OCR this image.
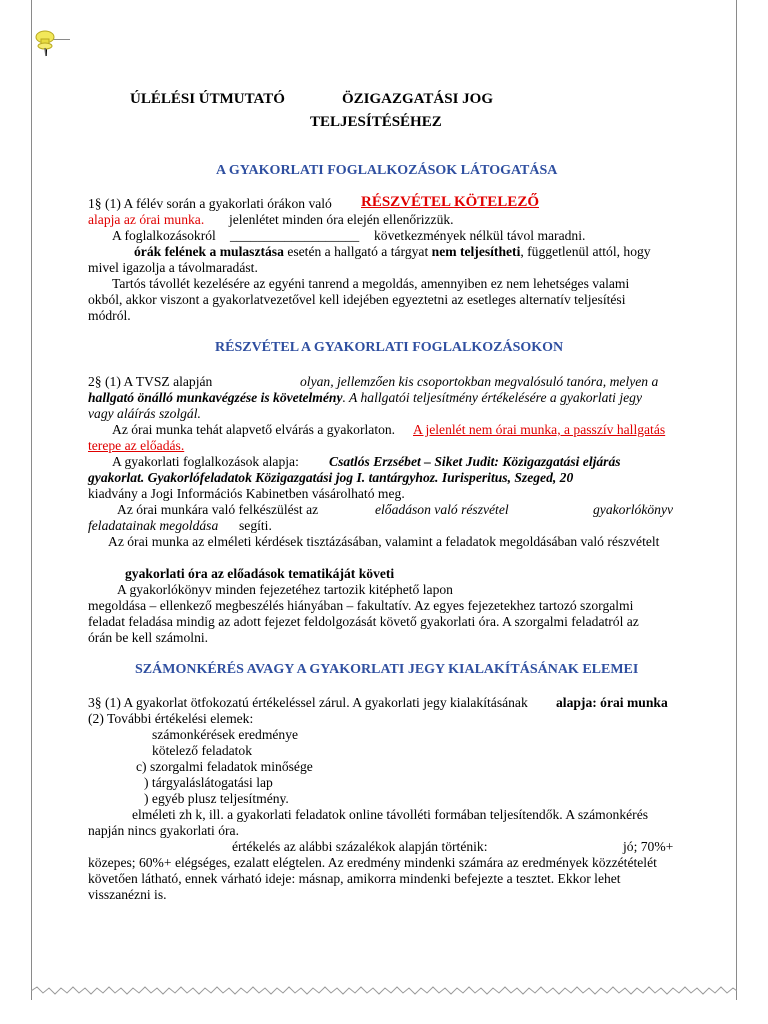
ÚLÉLÉSI ÚTMUTATÓ	ÖZIGAZGATÁSI JOG
TELJESÍTÉSÉHEZ
A GYAKORLATI FOGLALKOZÁSOK LÁTOGATÁSA
1§ (1) A félév során a gyakorlati órákon való RÉSZVÉTEL KÖTELEZŐ
alapja az órai munka. jelenlétet minden óra elején ellenőrizzük.
A foglalkozásokról ___________________ következmények nélkül távol maradni.
órák felének a mulasztása esetén a hallgató a tárgyat nem teljesítheti, függetlenül attól, hogy
mivel igazolja a távolmaradást.
Tartós távollét kezelésére az egyéni tanrend a megoldás, amennyiben ez nem lehetséges valami
okból, akkor viszont a gyakorlatvezetővel kell idejében egyeztetni az esetleges alternatív teljesítési
módról.
RÉSZVÉTEL A GYAKORLATI FOGLALKOZÁSOKON
2§ (1) A TVSZ alapján	olyan, jellemzően kis csoportokban megvalósuló tanóra, melyen a
hallgató önálló munkavégzése is követelmény. A hallgatói teljesítmény értékelésére a gyakorlati jegy
vagy aláírás szolgál.
Az órai munka tehát alapvető elvárás a gyakorlaton. A jelenlét nem órai munka, a passzív hallgatás
terepe az előadás.
A gyakorlati foglalkozások alapja: Csatlós Erzsébet – Siket Judit: Közigazgatási eljárás
gyakorlat. Gyakorlófeladatok Közigazgatási jog I. tantárgyhoz. Iurisperitus, Szeged, 20
kiadvány a Jogi Információs Kabinetben vásárolható meg.
Az órai munkára való felkészülést az	előadáson való részvétel	gyakorlókönyv
feladatainak megoldása segíti.
Az órai munka az elméleti kérdések tisztázásában, valamint a feladatok megoldásában való részvételt
gyakorlati óra az előadások tematikáját követi
A gyakorlókönyv minden fejezetéhez tartozik kitéphető lapon
megoldása – ellenkező megbeszélés hiányában – fakultatív. Az egyes fejezetekhez tartozó szorgalmi
feladat feladása mindig az adott fejezet feldolgozását követő gyakorlati óra. A szorgalmi feladatról az
órán be kell számolni.
SZÁMONKÉRÉS AVAGY A GYAKORLATI JEGY KIALAKÍTÁSÁNAK ELEMEI
3§ (1) A gyakorlat ötfokozatú értékeléssel zárul. A gyakorlati jegy kialakításának alapja: órai munka
(2) További értékelési elemek:
számonkérések eredménye
kötelező feladatok
c) szorgalmi feladatok minősége
) tárgyaláslátogatási lap
) egyéb plusz teljesítmény.
elméleti zh k, ill. a gyakorlati feladatok online távolléti formában teljesítendők. A számonkérés
napján nincs gyakorlati óra.
értékelés az alábbi százalékok alapján történik:	jó; 70%+
közepes; 60%+ elégséges, ezalatt elégtelen. Az eredmény mindenki számára az eredmények közzétételét
követően látható, ennek várható ideje: másnap, amikorra mindenki befejezte a tesztet. Ekkor lehet
visszanézni is.
